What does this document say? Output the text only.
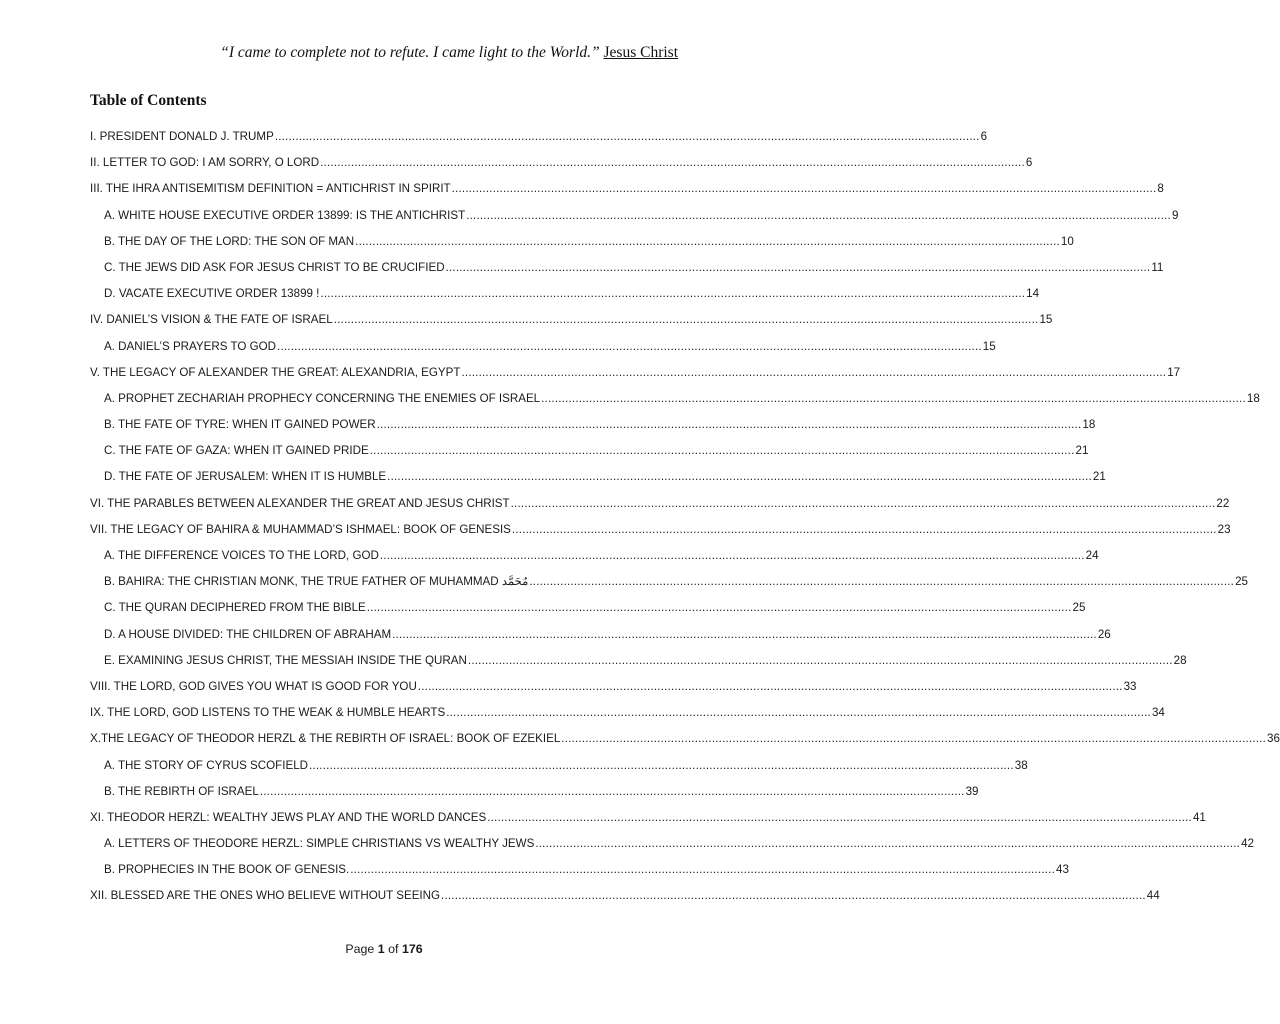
“I came to complete not to refute. I came light to the World.” Jesus Christ
Table of Contents
I. PRESIDENT DONALD J. TRUMP .....	6
II. LETTER TO GOD: I AM SORRY, O LORD .....	6
III. THE IHRA ANTISEMITISM DEFINITION = ANTICHRIST IN SPIRIT .....	8
A. WHITE HOUSE EXECUTIVE ORDER 13899: IS THE ANTICHRIST .....	9
B. THE DAY OF THE LORD: THE SON OF MAN .....	10
C. THE JEWS DID ASK FOR JESUS CHRIST TO BE CRUCIFIED .....	11
D. VACATE EXECUTIVE ORDER 13899 ! .....	14
IV. DANIEL’S VISION & THE FATE OF ISRAEL .....	15
A. DANIEL’S PRAYERS TO GOD .....	15
V. THE LEGACY OF ALEXANDER THE GREAT: ALEXANDRIA, EGYPT .....	17
A. PROPHET ZECHARIAH PROPHECY CONCERNING THE ENEMIES OF ISRAEL .....	18
B. THE FATE OF TYRE: WHEN IT GAINED POWER .....	18
C. THE FATE OF GAZA: WHEN IT GAINED PRIDE .....	21
D. THE FATE OF JERUSALEM: WHEN IT IS HUMBLE .....	21
VI. THE PARABLES BETWEEN ALEXANDER THE GREAT AND JESUS CHRIST .....	22
VII. THE LEGACY OF BAHIRA & MUHAMMAD’S ISHMAEL: BOOK OF GENESIS .....	23
A. THE DIFFERENCE VOICES TO THE LORD, GOD .....	24
B. BAHIRA: THE CHRISTIAN MONK, THE TRUE FATHER OF MUHAMMAD مُحَمَّد .....	25
C. THE QURAN DECIPHERED FROM THE BIBLE .....	25
D. A HOUSE DIVIDED: THE CHILDREN OF ABRAHAM .....	26
E. EXAMINING JESUS CHRIST, THE MESSIAH INSIDE THE QURAN .....	28
VIII. THE LORD, GOD GIVES YOU WHAT IS GOOD FOR YOU .....	33
IX. THE LORD, GOD LISTENS TO THE WEAK & HUMBLE HEARTS .....	34
X.THE LEGACY OF THEODOR HERZL & THE REBIRTH OF ISRAEL: BOOK OF EZEKIEL .....	36
A. THE STORY OF CYRUS SCOFIELD .....	38
B. THE REBIRTH OF ISRAEL .....	39
XI. THEODOR HERZL: WEALTHY JEWS PLAY AND THE WORLD DANCES .....	41
A. LETTERS OF THEODORE HERZL: SIMPLE CHRISTIANS VS WEALTHY JEWS .....	42
B. PROPHECIES IN THE BOOK OF GENESIS. .....	43
XII. BLESSED ARE THE ONES WHO BELIEVE WITHOUT SEEING .....	44
Page 1 of 176
